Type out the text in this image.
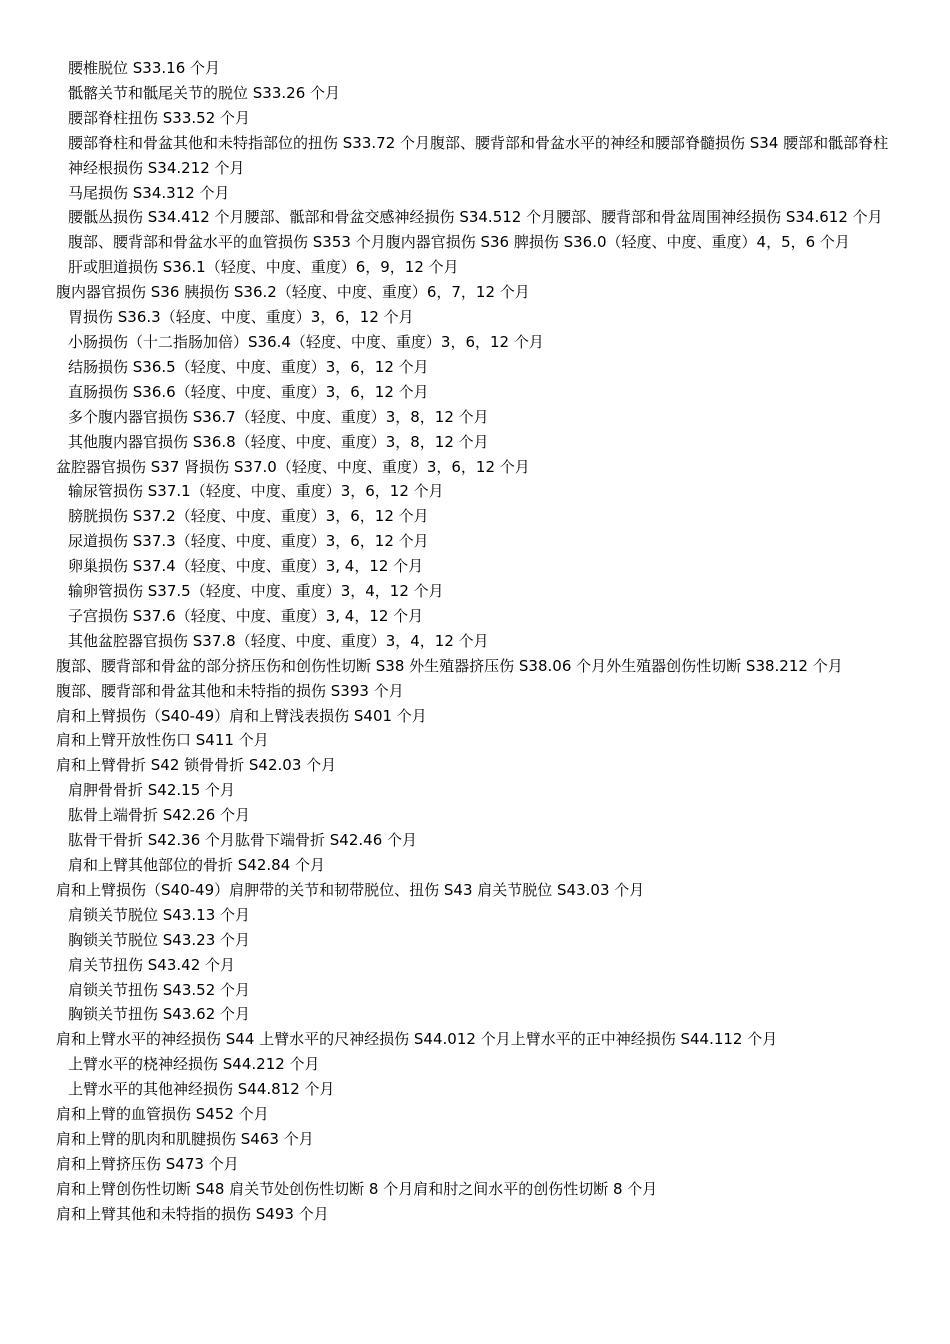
腰椎脱位 S33.16 个月
骶髂关节和骶尾关节的脱位 S33.26 个月
腰部脊柱扭伤 S33.52 个月
腰部脊柱和骨盆其他和未特指部位的扭伤 S33.72 个月腹部、腰背部和骨盆水平的神经和腰部脊髓损伤 S34 腰部和骶部脊柱神经根损伤 S34.212 个月
马尾损伤 S34.312 个月
腰骶丛损伤 S34.412 个月腰部、骶部和骨盆交感神经损伤 S34.512 个月腰部、腰背部和骨盆周围神经损伤 S34.612 个月腹部、腰背部和骨盆水平的血管损伤 S353 个月腹内器官损伤 S36 脾损伤 S36.0（轻度、中度、重度）4，5，6 个月
肝或胆道损伤 S36.1（轻度、中度、重度）6，9，12 个月
腹内器官损伤 S36 胰损伤 S36.2（轻度、中度、重度）6，7，12 个月
胃损伤 S36.3（轻度、中度、重度）3，6，12 个月
小肠损伤（十二指肠加倍）S36.4（轻度、中度、重度）3，6，12 个月
结肠损伤 S36.5（轻度、中度、重度）3，6，12 个月
直肠损伤 S36.6（轻度、中度、重度）3，6，12 个月
多个腹内器官损伤 S36.7（轻度、中度、重度）3，8，12 个月
其他腹内器官损伤 S36.8（轻度、中度、重度）3，8，12 个月
盆腔器官损伤 S37 肾损伤 S37.0（轻度、中度、重度）3，6，12 个月
输尿管损伤 S37.1（轻度、中度、重度）3，6，12 个月
膀胱损伤 S37.2（轻度、中度、重度）3，6，12 个月
尿道损伤 S37.3（轻度、中度、重度）3，6，12 个月
卵巢损伤 S37.4（轻度、中度、重度）3, 4，12 个月
输卵管损伤 S37.5（轻度、中度、重度）3，4，12 个月
子宫损伤 S37.6（轻度、中度、重度）3, 4，12 个月
其他盆腔器官损伤 S37.8（轻度、中度、重度）3，4，12 个月
腹部、腰背部和骨盆的部分挤压伤和创伤性切断 S38 外生殖器挤压伤 S38.06 个月外生殖器创伤性切断 S38.212 个月
腹部、腰背部和骨盆其他和未特指的损伤 S393 个月
肩和上臂损伤（S40-49）肩和上臂浅表损伤 S401 个月
肩和上臂开放性伤口 S411 个月
肩和上臂骨折 S42 锁骨骨折 S42.03 个月
肩胛骨骨折 S42.15 个月
肱骨上端骨折 S42.26 个月
肱骨干骨折 S42.36 个月肱骨下端骨折 S42.46 个月
肩和上臂其他部位的骨折 S42.84 个月
肩和上臂损伤（S40-49）肩胛带的关节和韧带脱位、扭伤 S43 肩关节脱位 S43.03 个月
肩锁关节脱位 S43.13 个月
胸锁关节脱位 S43.23 个月
肩关节扭伤 S43.42 个月
肩锁关节扭伤 S43.52 个月
胸锁关节扭伤 S43.62 个月
肩和上臂水平的神经损伤 S44 上臂水平的尺神经损伤 S44.012 个月上臂水平的正中神经损伤 S44.112 个月
上臂水平的桡神经损伤 S44.212 个月
上臂水平的其他神经损伤 S44.812 个月
肩和上臂的血管损伤 S452 个月
肩和上臂的肌肉和肌腱损伤 S463 个月
肩和上臂挤压伤 S473 个月
肩和上臂创伤性切断 S48 肩关节处创伤性切断 8 个月肩和肘之间水平的创伤性切断 8 个月
肩和上臂其他和未特指的损伤 S493 个月
